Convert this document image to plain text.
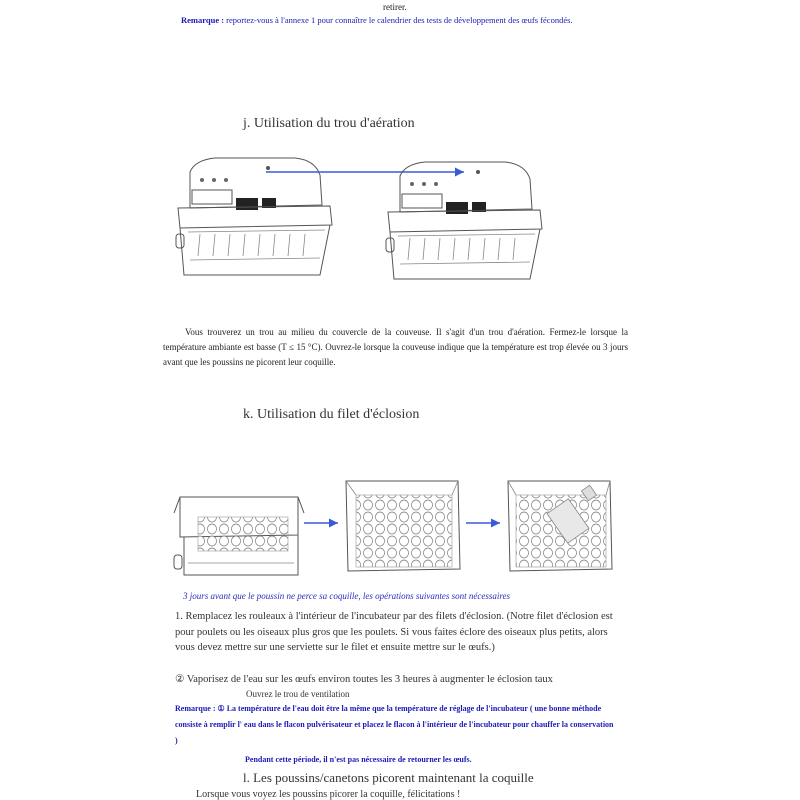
retirer.
Remarque : reportez-vous à l'annexe 1 pour connaître le calendrier des tests de développement des œufs fécondés.
j. Utilisation du trou d'aération
Vous trouverez un trou au milieu du couvercle de la couveuse. Il s'agit d'un trou d'aération. Fermez-le lorsque la température ambiante est basse (T ≤ 15 °C). Ouvrez-le lorsque la couveuse indique que la température est trop élevée ou 3 jours avant que les poussins ne picorent leur coquille.
k. Utilisation du filet d'éclosion
3 jours avant que le poussin ne perce sa coquille, les opérations suivantes sont nécessaires
1. Remplacez les rouleaux à l'intérieur de l'incubateur par des filets d'éclosion. (Notre filet d'éclosion est pour poulets ou les oiseaux plus gros que les poulets. Si vous faites éclore des oiseaux plus petits, alors vous devez mettre sur une serviette sur le filet et ensuite mettre sur le œufs.)
② Vaporisez de l'eau sur les œufs environ toutes les 3 heures à augmenter le éclosion taux
Ouvrez le trou de ventilation
Remarque : ① La température de l'eau doit être la même que la température de réglage de l'incubateur ( une bonne méthode consiste à remplir l' eau dans le flacon pulvérisateur et placez le flacon à l'intérieur de l'incubateur pour chauffer la conservation )
Pendant cette période, il n'est pas nécessaire de retourner les œufs.
l. Les poussins/canetons picorent maintenant la coquille
Lorsque vous voyez les poussins picorer la coquille, félicitations !
